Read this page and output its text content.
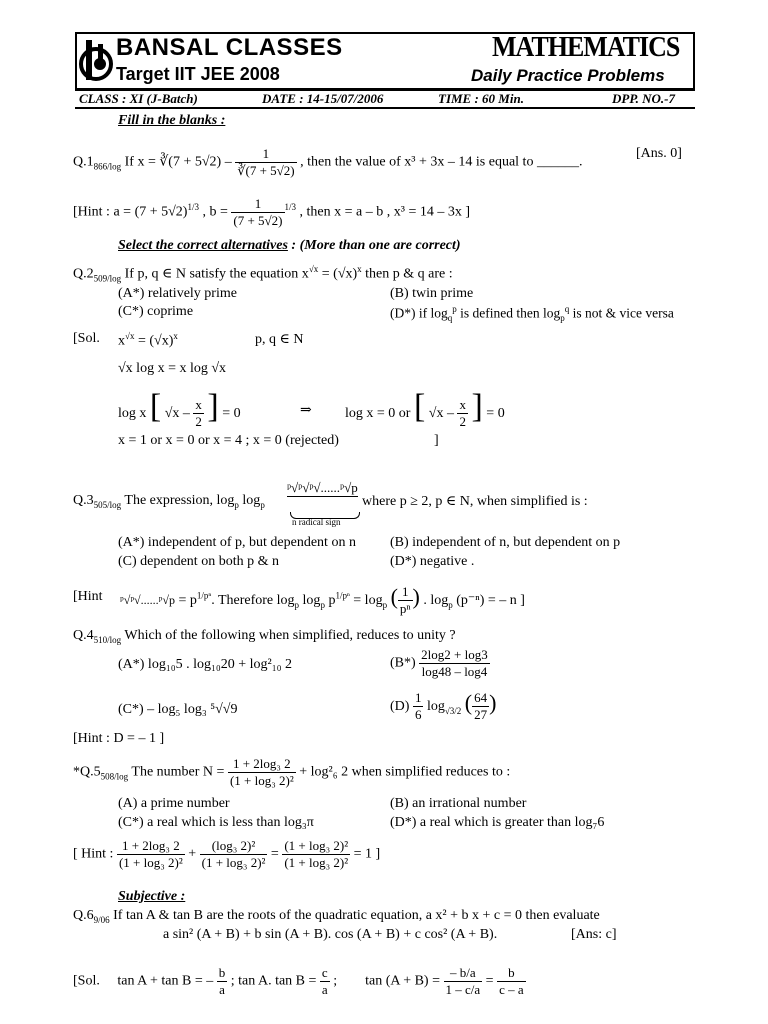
BANSAL CLASSES
Target IIT JEE 2008
MATHEMATICS
Daily Practice Problems
CLASS : XI (J-Batch)	DATE : 14-15/07/2006	TIME : 60 Min.	DPP. NO.-7
Fill in the blanks :
$Q.1_{866/log}$ If x = ∛(7 + $5√2) - \frac{1}{∛(7 + 5√2)}$ , then the value of x³ + 3x – 14 is equal to ______.
[Ans. 0]
[Hint : $a = (7 + 5√2)^{1/3}$ , $b = \frac{1}{(7 + 5√2)} ^{1/3}$ , then x = a – b , x³ = 14 – 3x ]
Select the correct alternatives : (More than one are correct)
$Q.2_{509/log}$ If p, q ∈ N satisfy the equation $x^{√x} = (√x)^x$ then p & q are :
(A*) relatively prime	(B) twin prime
(C*) coprime	(D*) if $\log_q^p$ is defined then $\log_p^q$ is not & vice versa
[Sol. $x^{√x} = (√x)^x$	p, q ∈ N
√x log x = x log √x
log x [ $√x - \frac{x}{2}$ ] = 0	⇒ log x = 0 or [ $√x - \frac{x}{2}$ ] = 0
x = 1 or x = 0 or x = 4 ; x = 0 (rejected)	]
$Q.3_{505/log}$ The expression, $\log_p \log_p$
ᵖ√ᵖ√ᵖ√......ᵖ√p
n radical sign
where p ≥ 2, p ∈ N, when simplified is :
(A*) independent of p, but dependent on n (B) independent of n, but dependent on p
(C) dependent on both p & n	(D*) negative .
[Hint ᵖ√ᵖ√......ᵖ√p = $p^{1/p^n}$. Therefore $\log_p \log_p p^{1/p^n} = \log_p$ ( $\frac{1}{\text{pⁿ}}$ ) . $\log_p (p^{-n})$ = – n ]
$Q.4_{510/log}$ Which of the following when simplified, reduces to unity ?
(A*) log₁₀5 . log₁₀20 + log²₁₀ 2	$(B*) \frac{2\log 2 + \log 3}{\log 48 - \log 4}$
(C*) – log₅ log₃ ⁵√√9	$(D) \frac{1}{6} \log_{√3/2}$ ( $\frac{64}{27}$ )
[Hint : D = – 1 ]
$*Q.5_{508/log}$ The number $N = \frac{\text{1 + 2log₃ 2}}{\text{(1 + log₃ 2)²}} + \log^2_6$ 2 when simplified reduces to :
(A) a prime number	(B) an irrational number
(C*) a real which is less than log₃π	(D*) a real which is greater than log₇6
[ Hint : $\frac{\text{1 + 2log₃ 2}}{\text{(1 + log₃ 2)²}} + \frac{\text{(log₃ 2)²}}{\text{(1 + log₃ 2)²}} = \frac{\text{(1 + log₃ 2)²}}{\text{(1 + log₃ 2)²}} = 1$ ]
Subjective :
$Q.6_{9/06}$ If tan A & tan B are the roots of the quadratic equation, a x² + b x + c = 0 then evaluate
a sin² (A + B) + b sin (A + B). cos (A + B) + c cos² (A + B).	[Ans: c]
[Sol. tan A + tan B = – $\frac{b}{a}$ ; tan A. $\tan B = \frac{c}{a}$ ; $\tan (A + B) = \frac{- b/a}{1 - c/a} = \frac{b}{c - a}$
